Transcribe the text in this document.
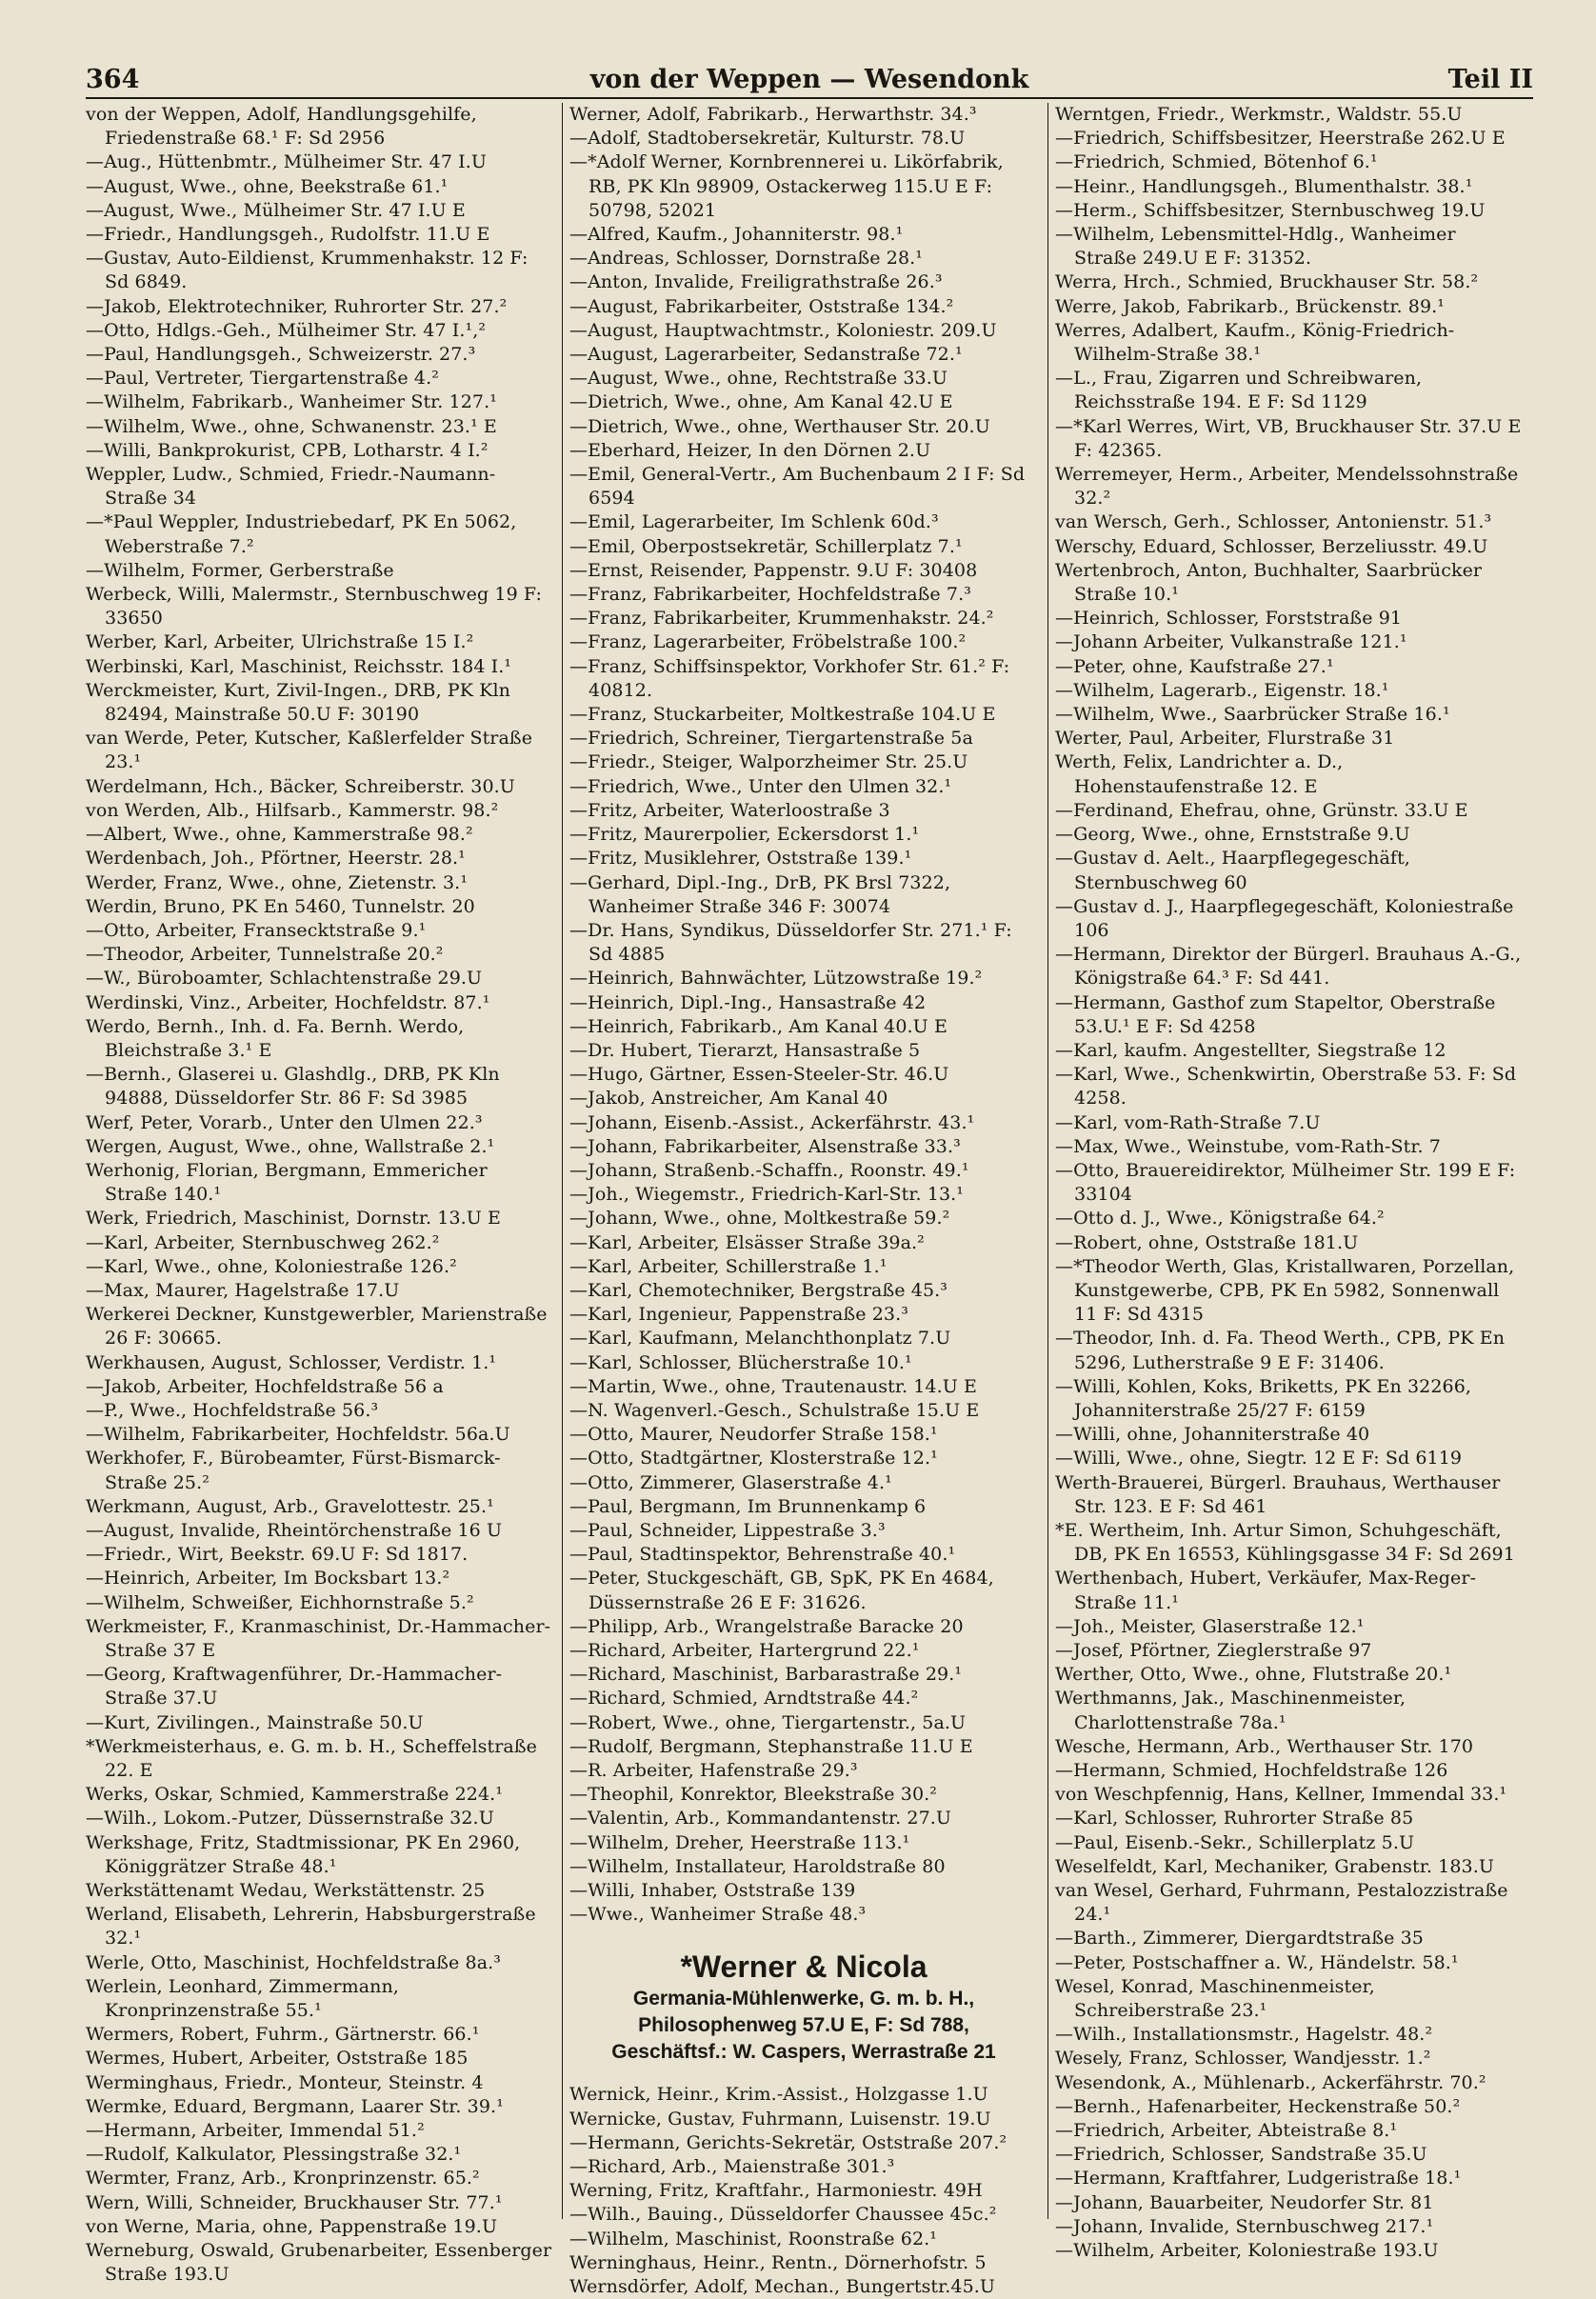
364	von der Weppen — Wesendonk	Teil II
von der Weppen, Adolf, Handlungsgehilfe, Friedenstraße 68.¹ F: Sd 2956
—Aug., Hüttenbmtr., Mülheimer Str. 47 I.U
—August, Wwe., ohne, Beekstraße 61.¹
—August, Wwe., Mülheimer Str. 47 I.U E
—Friedr., Handlungsgeh., Rudolfstr. 11.U E
—Gustav, Auto-Eildienst, Krummenhakstr. 12 F: Sd 6849.
—Jakob, Elektrotechniker, Ruhrorter Str. 27.²
—Otto, Hdlgs.-Geh., Mülheimer Str. 47 I.¹,²
—Paul, Handlungsgeh., Schweizerstr. 27.³
—Paul, Vertreter, Tiergartenstraße 4.²
—Wilhelm, Fabrikarb., Wanheimer Str. 127.¹
—Wilhelm, Wwe., ohne, Schwanenstr. 23.¹ E
—Willi, Bankprokurist, CPB, Lotharstr. 4 I.²
Weppler, Ludw., Schmied, Friedr.-Naumann-Straße 34
—*Paul Weppler, Industriebedarf, PK En 5062, Weberstraße 7.²
—Wilhelm, Former, Gerberstraße
Werbeck, Willi, Malermstr., Sternbuschweg 19 F: 33650
Werber, Karl, Arbeiter, Ulrichstraße 15 I.²
Werbinski, Karl, Maschinist, Reichsstr. 184 I.¹
Werckmeister, Kurt, Zivil-Ingen., DRB, PK Kln 82494, Mainstraße 50.U F: 30190
van Werde, Peter, Kutscher, Kaßlerfelder Straße 23.¹
Werdelmann, Hch., Bäcker, Schreiberstr. 30.U
von Werden, Alb., Hilfsarb., Kammerstr. 98.²
—Albert, Wwe., ohne, Kammerstraße 98.²
Werdenbach, Joh., Pförtner, Heerstr. 28.¹
Werder, Franz, Wwe., ohne, Zietenstr. 3.¹
Werdin, Bruno, PK En 5460, Tunnelstr. 20
—Otto, Arbeiter, Fransecktstraße 9.¹
—Theodor, Arbeiter, Tunnelstraße 20.²
—W., Büroboamter, Schlachtenstraße 29.U
Werdinski, Vinz., Arbeiter, Hochfeldstr. 87.¹
Werdo, Bernh., Inh. d. Fa. Bernh. Werdo, Bleichstraße 3.¹ E
—Bernh., Glaserei u. Glashdlg., DRB, PK Kln 94888, Düsseldorfer Str. 86 F: Sd 3985
Werf, Peter, Vorarb., Unter den Ulmen 22.³
Wergen, August, Wwe., ohne, Wallstraße 2.¹
Werhonig, Florian, Bergmann, Emmericher Straße 140.¹
Werk, Friedrich, Maschinist, Dornstr. 13.U E
—Karl, Arbeiter, Sternbuschweg 262.²
—Karl, Wwe., ohne, Koloniestraße 126.²
—Max, Maurer, Hagelstraße 17.U
Werkerei Deckner, Kunstgewerbler, Marienstraße 26 F: 30665.
Werkhausen, August, Schlosser, Verdistr. 1.¹
—Jakob, Arbeiter, Hochfeldstraße 56 a
—P., Wwe., Hochfeldstraße 56.³
—Wilhelm, Fabrikarbeiter, Hochfeldstr. 56a.U
Werkhofer, F., Bürobeamter, Fürst-Bismarck-Straße 25.²
Werkmann, August, Arb., Gravelottestr. 25.¹
—August, Invalide, Rheintörchenstraße 16 U
—Friedr., Wirt, Beekstr. 69.U F: Sd 1817.
—Heinrich, Arbeiter, Im Bocksbart 13.²
—Wilhelm, Schweißer, Eichhornstraße 5.²
Werkmeister, F., Kranmaschinist, Dr.-Hammacher-Straße 37 E
—Georg, Kraftwagenführer, Dr.-Hammacher-Straße 37.U
—Kurt, Zivilingen., Mainstraße 50.U
*Werkmeisterhaus, e. G. m. b. H., Scheffelstraße 22. E
Werks, Oskar, Schmied, Kammerstraße 224.¹
—Wilh., Lokom.-Putzer, Düssernstraße 32.U
Werkshage, Fritz, Stadtmissionar, PK En 2960, Königgrätzer Straße 48.¹
Werkstättenamt Wedau, Werkstättenstr. 25
Werland, Elisabeth, Lehrerin, Habsburgerstraße 32.¹
Werle, Otto, Maschinist, Hochfeldstraße 8a.³
Werlein, Leonhard, Zimmermann, Kronprinzenstraße 55.¹
Wermers, Robert, Fuhrm., Gärtnerstr. 66.¹
Wermes, Hubert, Arbeiter, Oststraße 185
Werminghaus, Friedr., Monteur, Steinstr. 4
Wermke, Eduard, Bergmann, Laarer Str. 39.¹
—Hermann, Arbeiter, Immendal 51.²
—Rudolf, Kalkulator, Plessingstraße 32.¹
Wermter, Franz, Arb., Kronprinzenstr. 65.²
Wern, Willi, Schneider, Bruckhauser Str. 77.¹
von Werne, Maria, ohne, Pappenstraße 19.U
Werneburg, Oswald, Grubenarbeiter, Essenberger Straße 193.U
Werner, Adolf, Fabrikarb., Herwarthstr. 34.³
—Adolf, Stadtobersekretär, Kulturstr. 78.U
—*Adolf Werner, Kornbrennerei u. Likörfabrik, RB, PK Kln 98909, Ostackerweg 115.U E F: 50798, 52021
—Alfred, Kaufm., Johanniterstr. 98.¹
—Andreas, Schlosser, Dornstraße 28.¹
—Anton, Invalide, Freiligrathstraße 26.³
—August, Fabrikarbeiter, Oststraße 134.²
—August, Hauptwachtmstr., Koloniestr. 209.U
—August, Lagerarbeiter, Sedanstraße 72.¹
—August, Wwe., ohne, Rechtstraße 33.U
—Dietrich, Wwe., ohne, Am Kanal 42.U E
—Dietrich, Wwe., ohne, Werthauser Str. 20.U
—Eberhard, Heizer, In den Dörnen 2.U
—Emil, General-Vertr., Am Buchenbaum 2 I F: Sd 6594
—Emil, Lagerarbeiter, Im Schlenk 60d.³
—Emil, Oberpostsekretär, Schillerplatz 7.¹
—Ernst, Reisender, Pappenstr. 9.U F: 30408
—Franz, Fabrikarbeiter, Hochfeldstraße 7.³
—Franz, Fabrikarbeiter, Krummenhakstr. 24.²
—Franz, Lagerarbeiter, Fröbelstraße 100.²
—Franz, Schiffsinspektor, Vorkhofer Str. 61.² F: 40812.
—Franz, Stuckarbeiter, Moltkestraße 104.U E
—Friedrich, Schreiner, Tiergartenstraße 5a
—Friedr., Steiger, Walporzheimer Str. 25.U
—Friedrich, Wwe., Unter den Ulmen 32.¹
—Fritz, Arbeiter, Waterloostraße 3
—Fritz, Maurerpolier, Eckersdorst 1.¹
—Fritz, Musiklehrer, Oststraße 139.¹
—Gerhard, Dipl.-Ing., DrB, PK Brsl 7322, Wanheimer Straße 346 F: 30074
—Dr. Hans, Syndikus, Düsseldorfer Str. 271.¹ F: Sd 4885
—Heinrich, Bahnwächter, Lützowstraße 19.²
—Heinrich, Dipl.-Ing., Hansastraße 42
—Heinrich, Fabrikarb., Am Kanal 40.U E
—Dr. Hubert, Tierarzt, Hansastraße 5
—Hugo, Gärtner, Essen-Steeler-Str. 46.U
—Jakob, Anstreicher, Am Kanal 40
—Johann, Eisenb.-Assist., Ackerfährstr. 43.¹
—Johann, Fabrikarbeiter, Alsenstraße 33.³
—Johann, Straßenb.-Schaffn., Roonstr. 49.¹
—Joh., Wiegemstr., Friedrich-Karl-Str. 13.¹
—Johann, Wwe., ohne, Moltkestraße 59.²
—Karl, Arbeiter, Elsässer Straße 39a.²
—Karl, Arbeiter, Schillerstraße 1.¹
—Karl, Chemotechniker, Bergstraße 45.³
—Karl, Ingenieur, Pappenstraße 23.³
—Karl, Kaufmann, Melanchthonplatz 7.U
—Karl, Schlosser, Blücherstraße 10.¹
—Martin, Wwe., ohne, Trautenaustr. 14.U E
—N. Wagenverl.-Gesch., Schulstraße 15.U E
—Otto, Maurer, Neudorfer Straße 158.¹
—Otto, Stadtgärtner, Klosterstraße 12.¹
—Otto, Zimmerer, Glaserstraße 4.¹
—Paul, Bergmann, Im Brunnenkamp 6
—Paul, Schneider, Lippestraße 3.³
—Paul, Stadtinspektor, Behrenstraße 40.¹
—Peter, Stuckgeschäft, GB, SpK, PK En 4684, Düssernstraße 26 E F: 31626.
—Philipp, Arb., Wrangelstraße Baracke 20
—Richard, Arbeiter, Hartergrund 22.¹
—Richard, Maschinist, Barbarastraße 29.¹
—Richard, Schmied, Arndtstraße 44.²
—Robert, Wwe., ohne, Tiergartenstr., 5a.U
—Rudolf, Bergmann, Stephanstraße 11.U E
—R. Arbeiter, Hafenstraße 29.³
—Theophil, Konrektor, Bleekstraße 30.²
—Valentin, Arb., Kommandantenstr. 27.U
—Wilhelm, Dreher, Heerstraße 113.¹
—Wilhelm, Installateur, Haroldstraße 80
—Willi, Inhaber, Oststraße 139
—Wwe., Wanheimer Straße 48.³
*Werner & Nicola
Germania-Mühlenwerke, G. m. b. H.,
Philosophenweg 57.U E, F: Sd 788,
Geschäftsf.: W. Caspers, Werrastraße 21
Wernick, Heinr., Krim.-Assist., Holzgasse 1.U
Wernicke, Gustav, Fuhrmann, Luisenstr. 19.U
—Hermann, Gerichts-Sekretär, Oststraße 207.²
—Richard, Arb., Maienstraße 301.³
Werning, Fritz, Kraftfahr., Harmoniestr. 49H
—Wilh., Bauing., Düsseldorfer Chaussee 45c.²
—Wilhelm, Maschinist, Roonstraße 62.¹
Werninghaus, Heinr., Rentn., Dörnerhofstr. 5
Wernsdörfer, Adolf, Mechan., Bungertstr.45.U
Werntgen, Friedr., Werkmstr., Waldstr. 55.U
—Friedrich, Schiffsbesitzer, Heerstraße 262.U E
—Friedrich, Schmied, Bötenhof 6.¹
—Heinr., Handlungsgeh., Blumenthalstr. 38.¹
—Herm., Schiffsbesitzer, Sternbuschweg 19.U
—Wilhelm, Lebensmittel-Hdlg., Wanheimer Straße 249.U E F: 31352.
Werra, Hrch., Schmied, Bruckhauser Str. 58.²
Werre, Jakob, Fabrikarb., Brückenstr. 89.¹
Werres, Adalbert, Kaufm., König-Friedrich-Wilhelm-Straße 38.¹
—L., Frau, Zigarren und Schreibwaren, Reichsstraße 194. E F: Sd 1129
—*Karl Werres, Wirt, VB, Bruckhauser Str. 37.U E F: 42365.
Werremeyer, Herm., Arbeiter, Mendelssohnstraße 32.²
van Wersch, Gerh., Schlosser, Antonienstr. 51.³
Werschy, Eduard, Schlosser, Berzeliusstr. 49.U
Wertenbroch, Anton, Buchhalter, Saarbrücker Straße 10.¹
—Heinrich, Schlosser, Forststraße 91
—Johann Arbeiter, Vulkanstraße 121.¹
—Peter, ohne, Kaufstraße 27.¹
—Wilhelm, Lagerarb., Eigenstr. 18.¹
—Wilhelm, Wwe., Saarbrücker Straße 16.¹
Werter, Paul, Arbeiter, Flurstraße 31
Werth, Felix, Landrichter a. D., Hohenstaufenstraße 12. E
—Ferdinand, Ehefrau, ohne, Grünstr. 33.U E
—Georg, Wwe., ohne, Ernststraße 9.U
—Gustav d. Aelt., Haarpflegegeschäft, Sternbuschweg 60
—Gustav d. J., Haarpflegegeschäft, Koloniestraße 106
—Hermann, Direktor der Bürgerl. Brauhaus A.-G., Königstraße 64.³ F: Sd 441.
—Hermann, Gasthof zum Stapeltor, Oberstraße 53.U.¹ E F: Sd 4258
—Karl, kaufm. Angestellter, Siegstraße 12
—Karl, Wwe., Schenkwirtin, Oberstraße 53. F: Sd 4258.
—Karl, vom-Rath-Straße 7.U
—Max, Wwe., Weinstube, vom-Rath-Str. 7
—Otto, Brauereidirektor, Mülheimer Str. 199 E F: 33104
—Otto d. J., Wwe., Königstraße 64.²
—Robert, ohne, Oststraße 181.U
—*Theodor Werth, Glas, Kristallwaren, Porzellan, Kunstgewerbe, CPB, PK En 5982, Sonnenwall 11 F: Sd 4315
—Theodor, Inh. d. Fa. Theod Werth., CPB, PK En 5296, Lutherstraße 9 E F: 31406.
—Willi, Kohlen, Koks, Briketts, PK En 32266, Johanniterstraße 25/27 F: 6159
—Willi, ohne, Johanniterstraße 40
—Willi, Wwe., ohne, Siegtr. 12 E F: Sd 6119
Werth-Brauerei, Bürgerl. Brauhaus, Werthauser Str. 123. E F: Sd 461
*E. Wertheim, Inh. Artur Simon, Schuhgeschäft, DB, PK En 16553, Kühlingsgasse 34 F: Sd 2691
Werthenbach, Hubert, Verkäufer, Max-Reger-Straße 11.¹
—Joh., Meister, Glaserstraße 12.¹
—Josef, Pförtner, Zieglerstraße 97
Werther, Otto, Wwe., ohne, Flutstraße 20.¹
Werthmanns, Jak., Maschinenmeister, Charlottenstraße 78a.¹
Wesche, Hermann, Arb., Werthauser Str. 170
—Hermann, Schmied, Hochfeldstraße 126
von Weschpfennig, Hans, Kellner, Immendal 33.¹
—Karl, Schlosser, Ruhrorter Straße 85
—Paul, Eisenb.-Sekr., Schillerplatz 5.U
Weselfeldt, Karl, Mechaniker, Grabenstr. 183.U
van Wesel, Gerhard, Fuhrmann, Pestalozzistraße 24.¹
—Barth., Zimmerer, Diergardtstraße 35
—Peter, Postschaffner a. W., Händelstr. 58.¹
Wesel, Konrad, Maschinenmeister, Schreiberstraße 23.¹
—Wilh., Installationsmstr., Hagelstr. 48.²
Wesely, Franz, Schlosser, Wandjesstr. 1.²
Wesendonk, A., Mühlenarb., Ackerfährstr. 70.²
—Bernh., Hafenarbeiter, Heckenstraße 50.²
—Friedrich, Arbeiter, Abteistraße 8.¹
—Friedrich, Schlosser, Sandstraße 35.U
—Hermann, Kraftfahrer, Ludgeristraße 18.¹
—Johann, Bauarbeiter, Neudorfer Str. 81
—Johann, Invalide, Sternbuschweg 217.¹
—Wilhelm, Arbeiter, Koloniestraße 193.U
